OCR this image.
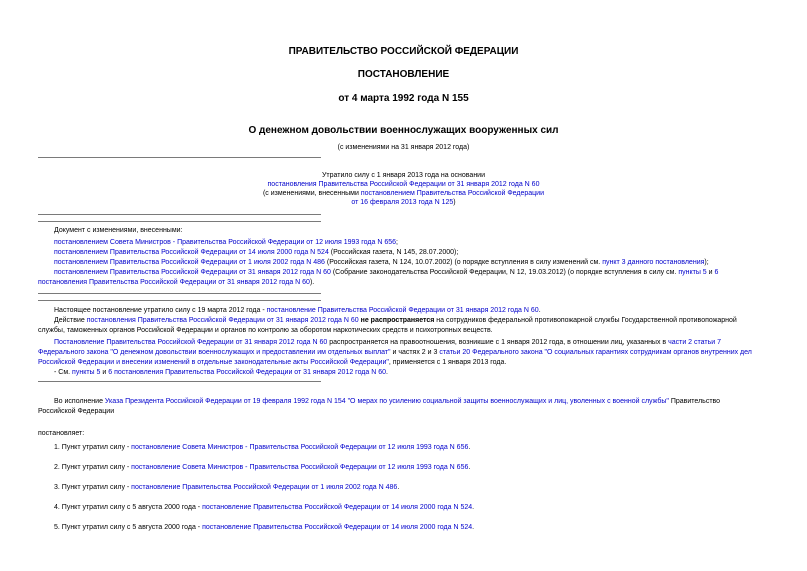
ПРАВИТЕЛЬСТВО РОССИЙСКОЙ ФЕДЕРАЦИИ
ПОСТАНОВЛЕНИЕ
от 4 марта 1992 года N 155
О денежном довольствии военнослужащих вооруженных сил
(с изменениями на 31 января 2012 года)
Утратило силу с 1 января 2013 года на основании
постановления Правительства Российской Федерации от 31 января 2012 года N 60
(с изменениями, внесенными постановлением Правительства Российской Федерации
от 16 февраля 2013 года N 125)
Документ с изменениями, внесенными:
постановлением Совета Министров - Правительства Российской Федерации от 12 июля 1993 года N 656;
постановлением Правительства Российской Федерации от 14 июля 2000 года N 524 (Российская газета, N 145, 28.07.2000);
постановлением Правительства Российской Федерации от 1 июля 2002 года N 486 (Российская газета, N 124, 10.07.2002) (о порядке вступления в силу изменений см. пункт 3 данного постановления);
постановлением Правительства Российской Федерации от 31 января 2012 года N 60 (Собрание законодательства Российской Федерации, N 12, 19.03.2012) (о порядке вступления в силу см. пункты 5 и 6
постановления Правительства Российской Федерации от 31 января 2012 года N 60).
Настоящее постановление утратило силу с 19 марта 2012 года - постановление Правительства Российской Федерации от 31 января 2012 года N 60.
Действие постановления Правительства Российской Федерации от 31 января 2012 года N 60 не распространяется на сотрудников федеральной противопожарной службы Государственной противопожарной
службы, таможенных органов Российской Федерации и органов по контролю за оборотом наркотических средств и психотропных веществ.
Постановление Правительства Российской Федерации от 31 января 2012 года N 60 распространяется на правоотношения, возникшие с 1 января 2012 года, в отношении лиц, указанных в части 2 статьи 7
Федерального закона "О денежном довольствии военнослужащих и предоставлении им отдельных выплат" и частях 2 и 3 статьи 20 Федерального закона "О социальных гарантиях сотрудникам органов внутренних дел
Российской Федерации и внесении изменений в отдельные законодательные акты Российской Федерации", применяется с 1 января 2013 года.
- См. пункты 5 и 6 постановления Правительства Российской Федерации от 31 января 2012 года N 60.
Во исполнение Указа Президента Российской Федерации от 19 февраля 1992 года N 154 "О мерах по усилению социальной защиты военнослужащих и лиц, уволенных с военной службы" Правительство
Российской Федерации
постановляет:
1. Пункт утратил силу - постановление Совета Министров - Правительства Российской Федерации от 12 июля 1993 года N 656.
2. Пункт утратил силу - постановление Совета Министров - Правительства Российской Федерации от 12 июля 1993 года N 656.
3. Пункт утратил силу - постановление Правительства Российской Федерации от 1 июля 2002 года N 486.
4. Пункт утратил силу с 5 августа 2000 года - постановление Правительства Российской Федерации от 14 июля 2000 года N 524.
5. Пункт утратил силу с 5 августа 2000 года - постановление Правительства Российской Федерации от 14 июля 2000 года N 524.
